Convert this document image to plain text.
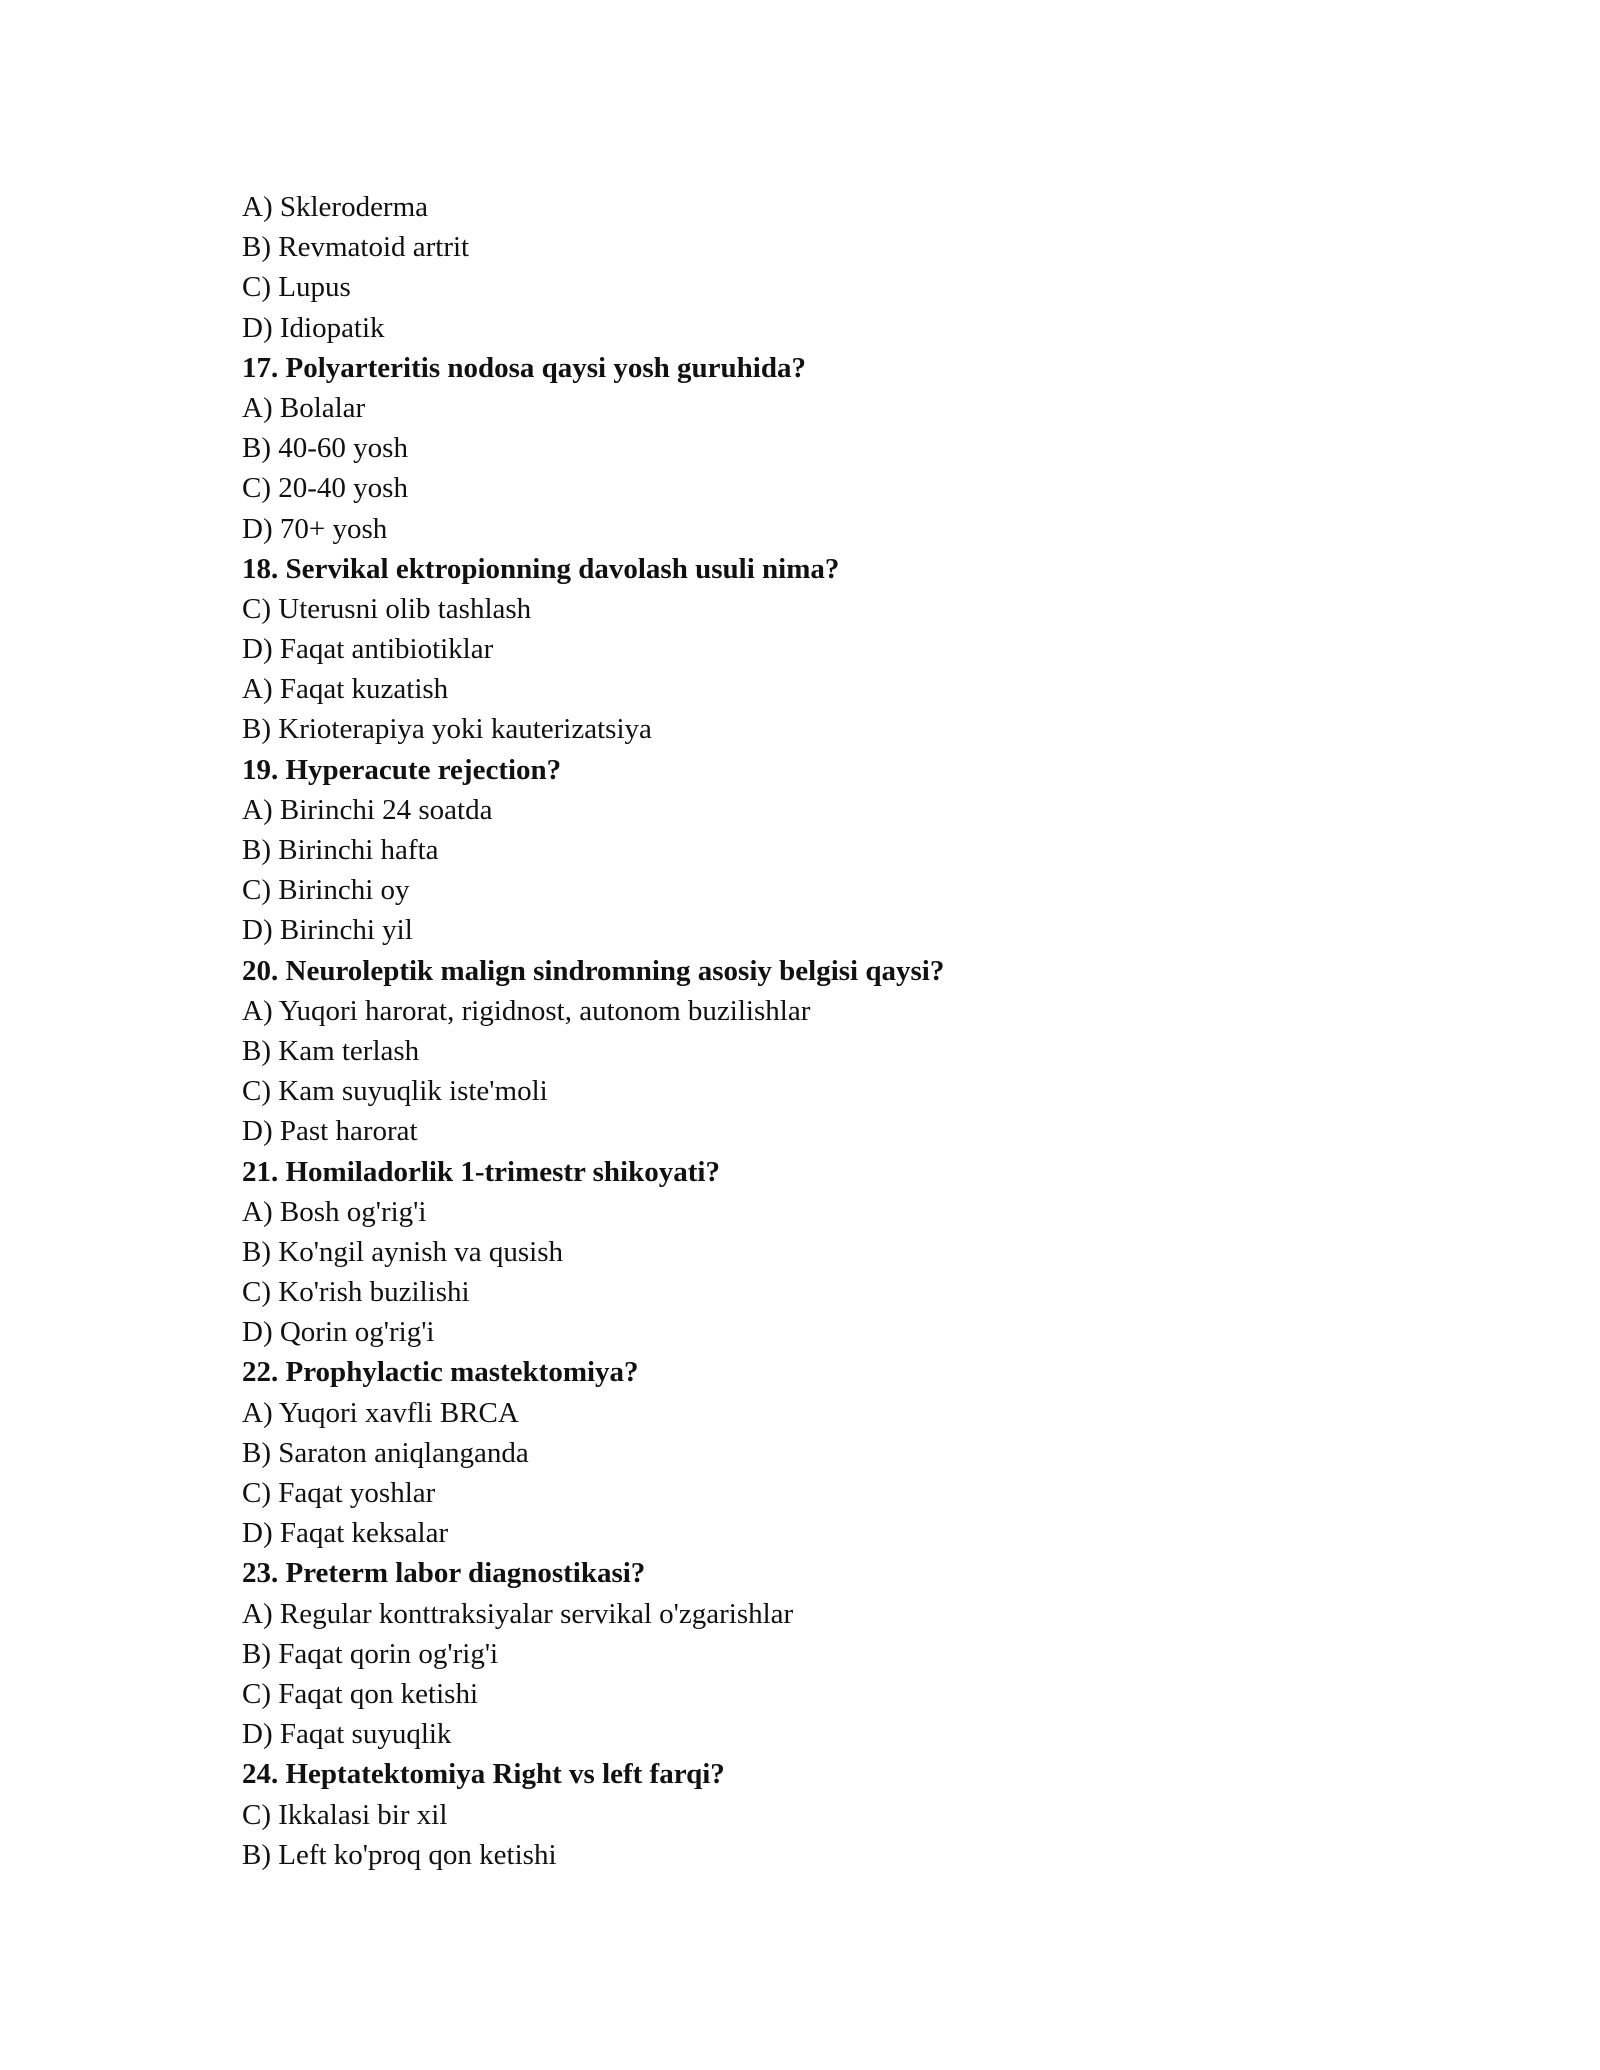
A) Skleroderma
B) Revmatoid artrit
C) Lupus
D) Idiopatik
17. Polyarteritis nodosa qaysi yosh guruhida?
A) Bolalar
B) 40-60 yosh
C) 20-40 yosh
D) 70+ yosh
18. Servikal ektropionning davolash usuli nima?
C) Uterusni olib tashlash
D) Faqat antibiotiklar
A) Faqat kuzatish
B) Krioterapiya yoki kauterizatsiya
19. Hyperacute rejection?
A) Birinchi 24 soatda
B) Birinchi hafta
C) Birinchi oy
D) Birinchi yil
20. Neuroleptik malign sindromning asosiy belgisi qaysi?
A) Yuqori harorat, rigidnost, autonom buzilishlar
B) Kam terlash
C) Kam suyuqlik iste'moli
D) Past harorat
21. Homiladorlik 1-trimestr shikoyati?
A) Bosh og'rig'i
B) Ko'ngil aynish va qusish
C) Ko'rish buzilishi
D) Qorin og'rig'i
22. Prophylactic mastektomiya?
A) Yuqori xavfli BRCA
B) Saraton aniqlanganda
C) Faqat yoshlar
D) Faqat keksalar
23. Preterm labor diagnostikasi?
A) Regular konttraksiyalar servikal o'zgarishlar
B) Faqat qorin og'rig'i
C) Faqat qon ketishi
D) Faqat suyuqlik
24. Heptatektomiya Right vs left farqi?
C) Ikkalasi bir xil
B) Left ko'proq qon ketishi
